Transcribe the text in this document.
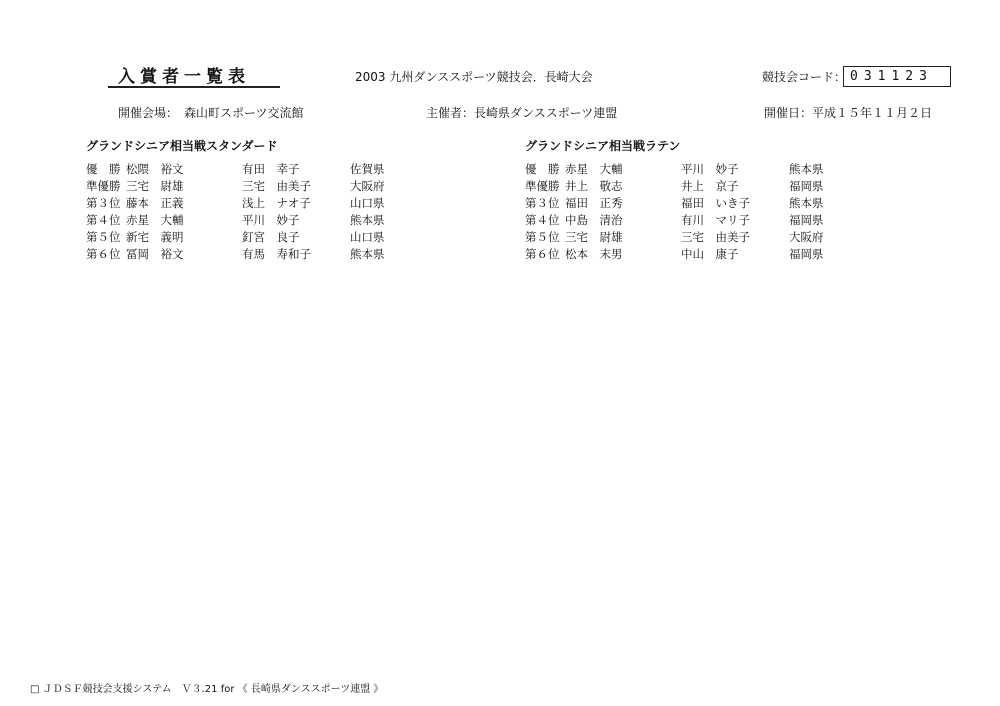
入賞者一覧表	2003 九州ダンススポーツ競技会．長崎大会	競技会コード： 031123
開催会場：　森山町スポーツ交流館	主催者：長崎県ダンススポーツ連盟	開催日：平成１５年１１月２日
グランドシニア相当戦スタンダード	グランドシニア相当戦ラテン
優　勝 松隈　裕文	有田　幸子	佐賀県
準優勝 三宅　尉雄	三宅　由美子	大阪府
第３位 藤本　正義	浅上　ナオ子	山口県
第４位 赤星　大輔	平川　妙子	熊本県
第５位 新宅　義明	釘宮　良子	山口県
第６位 冨岡　裕文	有馬　寿和子	熊本県
優　勝 赤星　大輔	平川　妙子	熊本県
準優勝 井上　敬志	井上　京子	福岡県
第３位 福田　正秀	福田　いき子	熊本県
第４位 中島　清治	有川　マリ子	福岡県
第５位 三宅　尉雄	三宅　由美子	大阪府
第６位 松本　末男	中山　康子	福岡県
□ ＪＤＳＦ競技会支援システム　Ｖ３.21 for 《 長崎県ダンススポーツ連盟 》
